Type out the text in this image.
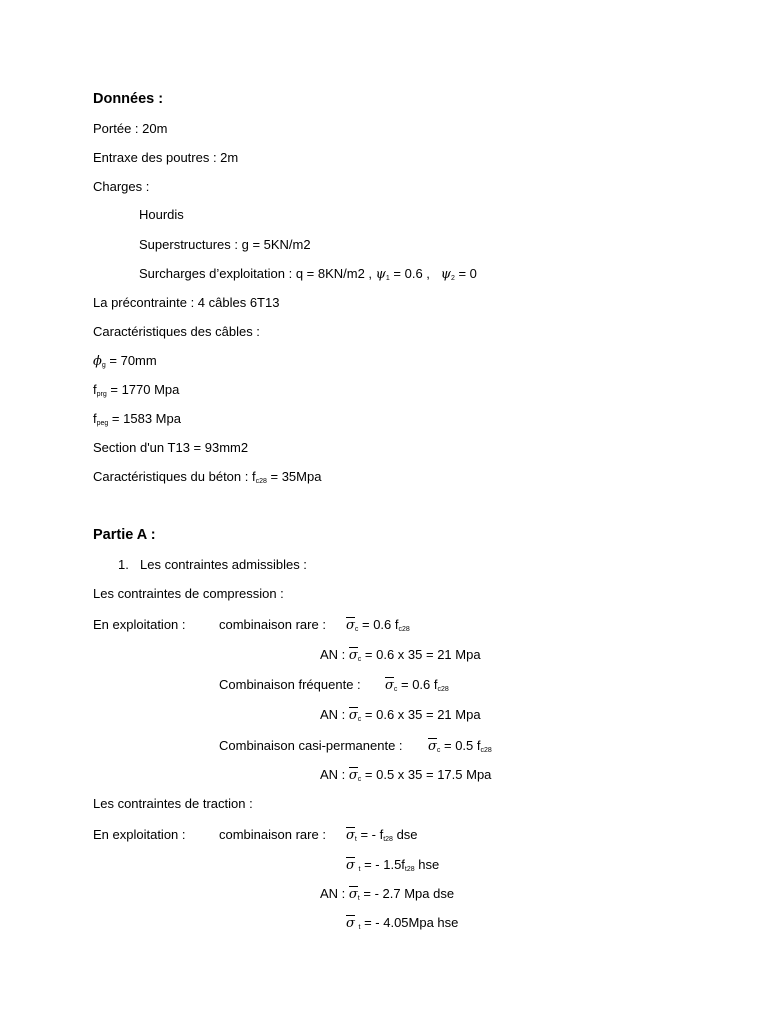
Données :
Portée : 20m
Entraxe des poutres : 2m
Charges :
Hourdis
Superstructures : g = 5KN/m2
Surcharges d’exploitation : q = 8KN/m2 , $\psi_1 = 0.6$ , $\psi_2 = 0$
La précontrainte : 4 câbles 6T13
Caractéristiques des câbles :
$\phi_g = 70mm$
$f_{prg} = 1770$ Mpa
$f_{peg} = 1583$ Mpa
Section d'un T13 = 93mm2
Caractéristiques du béton : $f_{c28} = 35Mpa$
Partie A :
1. Les contraintes admissibles :
Les contraintes de compression :
En exploitation :	combinaison rare : $\sigma_c = 0.6$ $f_{c28}$
AN : $\sigma_c = 0.6$ x 35 = 21 Mpa
Combinaison fréquente : $\sigma_c = 0.6$ $f_{c28}$
AN : $\sigma_c = 0.6$ x 35 = 21 Mpa
Combinaison casi-permanente : $\sigma_c = 0.5$ $f_{c28}$
AN : $\sigma_c = 0.5$ x 35 = 17.5 Mpa
Les contraintes de traction :
En exploitation :	combinaison rare : $\sigma_t$ = - $f_{t28}$ dse
σ $_t$ = - $1.5f_{t28}$ hse
AN : $\sigma_t$ = - 2.7 Mpa dse
σ $_t$ = - 4.05Mpa hse
